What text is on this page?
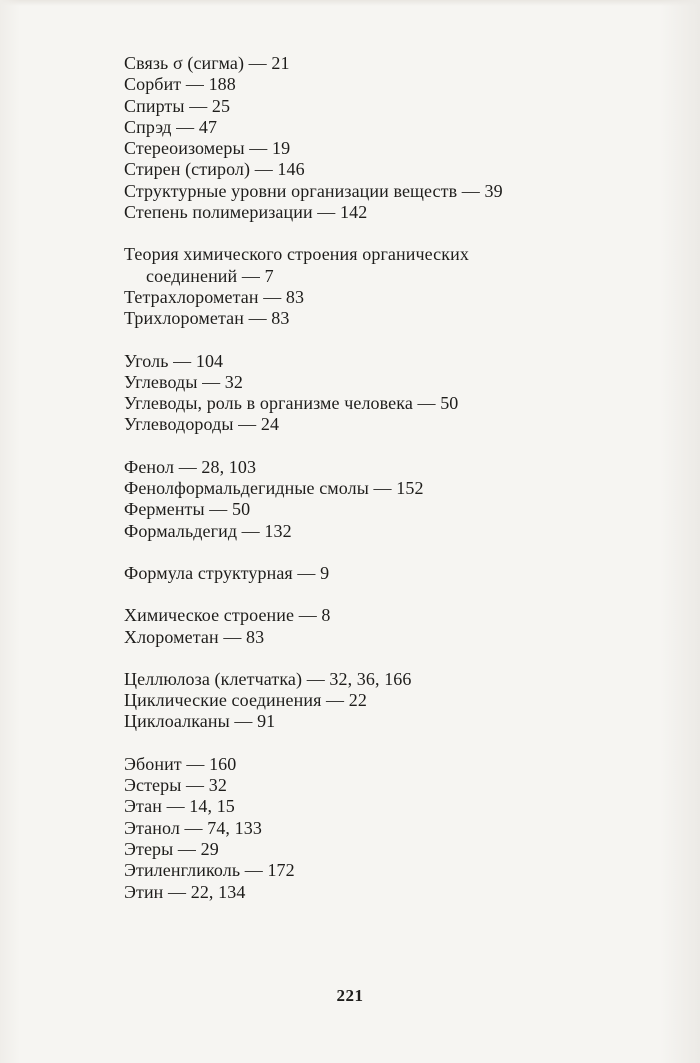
Связь σ (сигма) — 21
Сорбит — 188
Спирты — 25
Спрэд — 47
Стереоизомеры — 19
Стирен (стирол) — 146
Структурные уровни организации веществ — 39
Степень полимеризации — 142
Теория химического строения органических
соединений — 7
Тетрахлорометан — 83
Трихлорометан — 83
Уголь — 104
Углеводы — 32
Углеводы, роль в организме человека — 50
Углеводороды — 24
Фенол — 28, 103
Фенолформальдегидные смолы — 152
Ферменты — 50
Формальдегид — 132
Формула структурная — 9
Химическое строение — 8
Хлорометан — 83
Целлюлоза (клетчатка) — 32, 36, 166
Циклические соединения — 22
Циклоалканы — 91
Эбонит — 160
Эстеры — 32
Этан — 14, 15
Этанол — 74, 133
Этеры — 29
Этиленгликоль — 172
Этин — 22, 134
221
